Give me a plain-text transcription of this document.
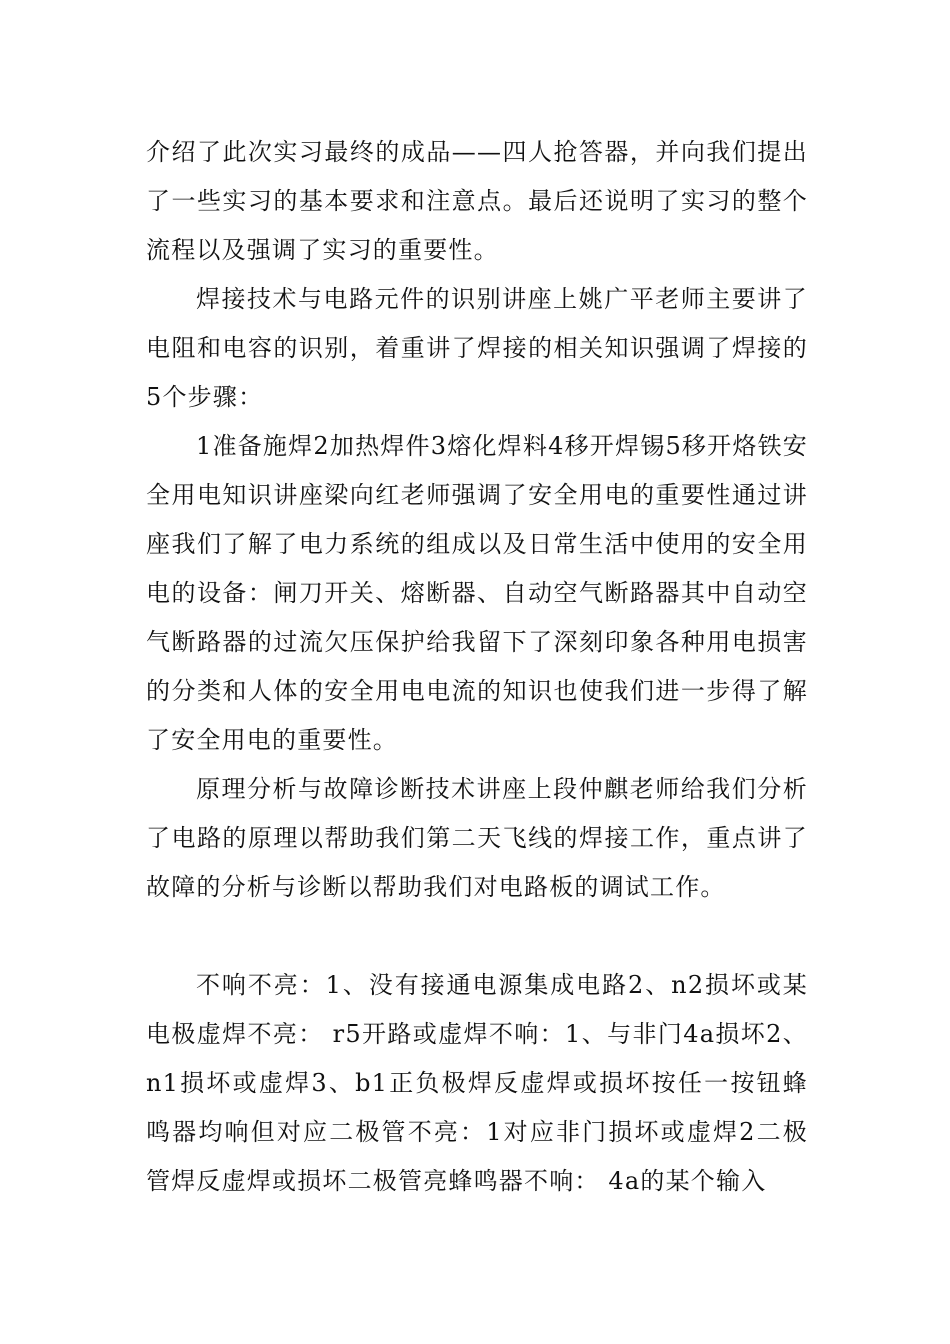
介绍了此次实习最终的成品——四人抢答器，并向我们提出了一些实习的基本要求和注意点。最后还说明了实习的整个流程以及强调了实习的重要性。

焊接技术与电路元件的识别讲座上姚广平老师主要讲了电阻和电容的识别，着重讲了焊接的相关知识强调了焊接的5个步骤：

1准备施焊2加热焊件3熔化焊料4移开焊锡5移开烙铁安全用电知识讲座梁向红老师强调了安全用电的重要性通过讲座我们了解了电力系统的组成以及日常生活中使用的安全用电的设备：闸刀开关、熔断器、自动空气断路器其中自动空气断路器的过流欠压保护给我留下了深刻印象各种用电损害的分类和人体的安全用电电流的知识也使我们进一步得了解了安全用电的重要性。

原理分析与故障诊断技术讲座上段仲麒老师给我们分析了电路的原理以帮助我们第二天飞线的焊接工作，重点讲了故障的分析与诊断以帮助我们对电路板的调试工作。

不响不亮：1、没有接通电源集成电路2、n2损坏或某电极虚焊不亮： r5开路或虚焊不响：1、与非门4a损坏2、n1损坏或虚焊3、b1正负极焊反虚焊或损坏按任一按钮蜂鸣器均响但对应二极管不亮：1对应非门损坏或虚焊2二极管焊反虚焊或损坏二极管亮蜂鸣器不响： 4a的某个输入
